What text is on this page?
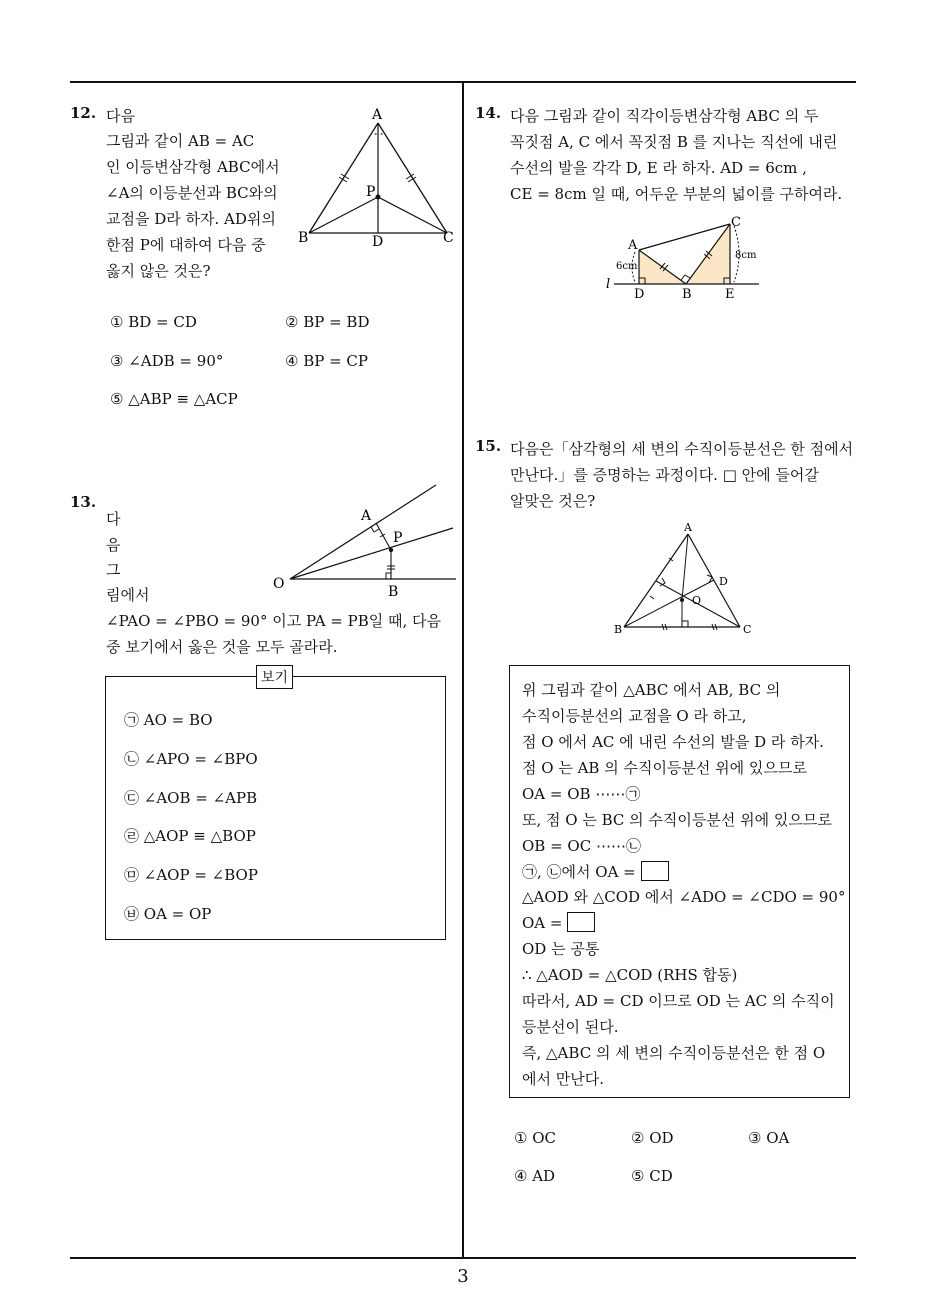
12. 다음
그림과 같이 AB = AC
인 이등변삼각형 ABC에서
∠A의 이등분선과 BC와의
교점을 D라 하자. AD위의
한점 P에 대하여 다음 중
옳지 않은 것은?
∘ ∘
A
P
B	C
D
① BD = CD	② BP = BD
③ ∠ADB = 90°	④ BP = CP
⑤ △ABP ≡ △ACP
13.
다
음
그
림에서
∠PAO = ∠PBO = 90° 이고 PA = PB일 때, 다음
중 보기에서 옳은 것을 모두 골라라.
A
P
O	B
보기
㉠ AO = BO
㉡ ∠APO = ∠BPO
㉢ ∠AOB = ∠APB
㉣ △AOP ≡ △BOP
㉤ ∠AOP = ∠BOP
㉥ OA = OP
14. 다음 그림과 같이 직각이등변삼각형 ABC 의 두
꼭짓점 A, C 에서 꼭짓점 B 를 지나는 직선에 내린
수선의 발을 각각 D, E 라 하자. AD = 6cm ,
CE = 8cm 일 때, 어두운 부분의 넓이를 구하여라.
A
C
l
D	B	E
6cm
8cm
15. 다음은「삼각형의 세 변의 수직이등분선은 한 점에서
만난다.」를 증명하는 과정이다. □ 안에 들어갈
알맞은 것은?
A
D
O
B	C
위 그림과 같이 △ABC 에서 AB, BC 의
수직이등분선의 교점을 O 라 하고,
점 O 에서 AC 에 내린 수선의 발을 D 라 하자.
점 O 는 AB 의 수직이등분선 위에 있으므로
OA = OB ⋯⋯㉠
또, 점 O 는 BC 의 수직이등분선 위에 있으므로
OB = OC ⋯⋯㉡
㉠, ㉡에서 OA =
△AOD 와 △COD 에서 ∠ADO = ∠CDO = 90°
OA =
OD 는 공통
∴ △AOD = △COD (RHS 합동)
따라서, AD = CD 이므로 OD 는 AC 의 수직이
등분선이 된다.
즉, △ABC 의 세 변의 수직이등분선은 한 점 O
에서 만난다.
① OC	② OD	③ OA
④ AD	⑤ CD
3
